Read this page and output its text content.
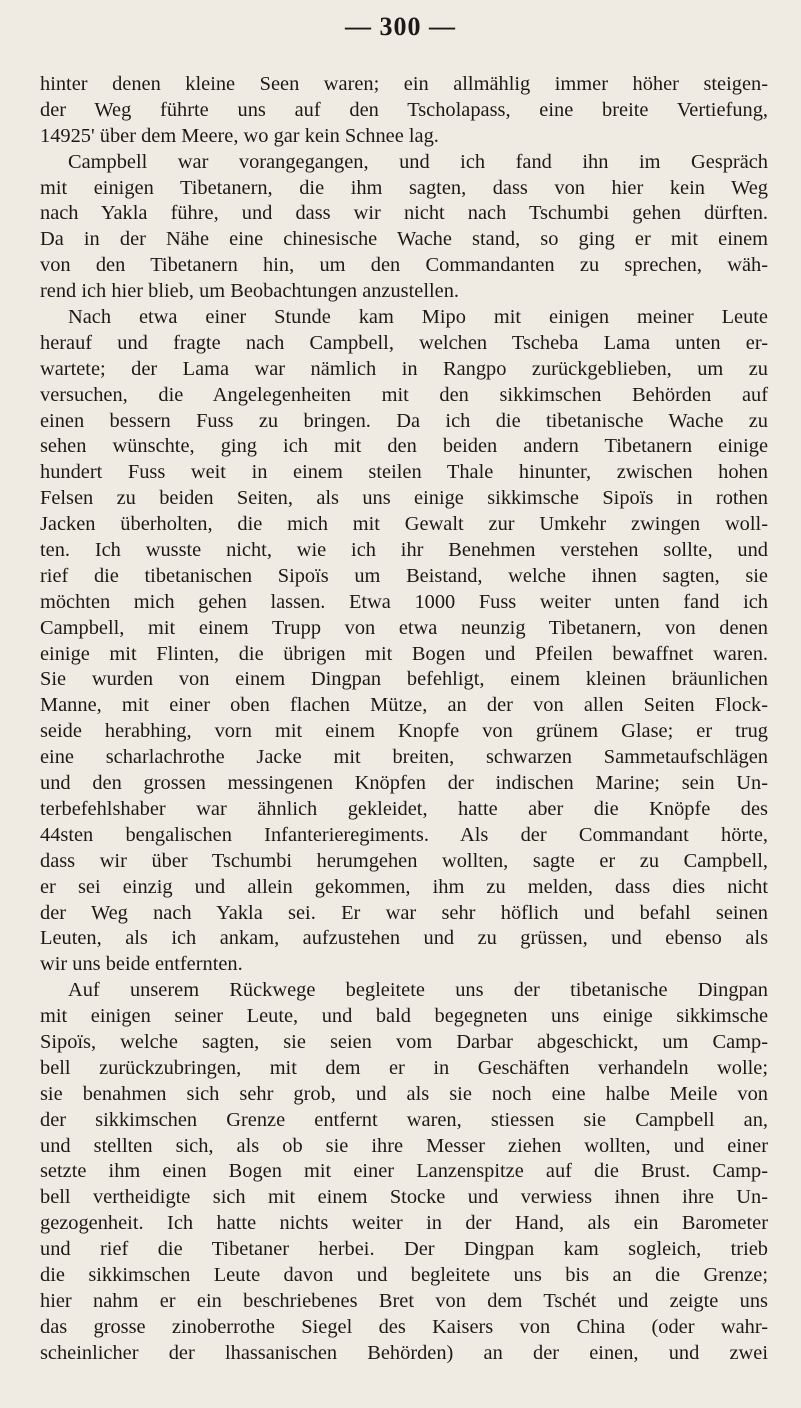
— 300 —
hinter denen kleine Seen waren; ein allmählig immer höher steigen-
der Weg führte uns auf den Tscholapass, eine breite Vertiefung,
14925' über dem Meere, wo gar kein Schnee lag.
Campbell war vorangegangen, und ich fand ihn im Gespräch
mit einigen Tibetanern, die ihm sagten, dass von hier kein Weg
nach Yakla führe, und dass wir nicht nach Tschumbi gehen dürften.
Da in der Nähe eine chinesische Wache stand, so ging er mit einem
von den Tibetanern hin, um den Commandanten zu sprechen, wäh-
rend ich hier blieb, um Beobachtungen anzustellen.
Nach etwa einer Stunde kam Mipo mit einigen meiner Leute
herauf und fragte nach Campbell, welchen Tscheba Lama unten er-
wartete; der Lama war nämlich in Rangpo zurückgeblieben, um zu
versuchen, die Angelegenheiten mit den sikkimschen Behörden auf
einen bessern Fuss zu bringen. Da ich die tibetanische Wache zu
sehen wünschte, ging ich mit den beiden andern Tibetanern einige
hundert Fuss weit in einem steilen Thale hinunter, zwischen hohen
Felsen zu beiden Seiten, als uns einige sikkimsche Sipoïs in rothen
Jacken überholten, die mich mit Gewalt zur Umkehr zwingen woll-
ten. Ich wusste nicht, wie ich ihr Benehmen verstehen sollte, und
rief die tibetanischen Sipoïs um Beistand, welche ihnen sagten, sie
möchten mich gehen lassen. Etwa 1000 Fuss weiter unten fand ich
Campbell, mit einem Trupp von etwa neunzig Tibetanern, von denen
einige mit Flinten, die übrigen mit Bogen und Pfeilen bewaffnet waren.
Sie wurden von einem Dingpan befehligt, einem kleinen bräunlichen
Manne, mit einer oben flachen Mütze, an der von allen Seiten Flock-
seide herabhing, vorn mit einem Knopfe von grünem Glase; er trug
eine scharlachrothe Jacke mit breiten, schwarzen Sammetaufschlägen
und den grossen messingenen Knöpfen der indischen Marine; sein Un-
terbefehlshaber war ähnlich gekleidet, hatte aber die Knöpfe des
44sten bengalischen Infanterieregiments. Als der Commandant hörte,
dass wir über Tschumbi herumgehen wollten, sagte er zu Campbell,
er sei einzig und allein gekommen, ihm zu melden, dass dies nicht
der Weg nach Yakla sei. Er war sehr höflich und befahl seinen
Leuten, als ich ankam, aufzustehen und zu grüssen, und ebenso als
wir uns beide entfernten.
Auf unserem Rückwege begleitete uns der tibetanische Dingpan
mit einigen seiner Leute, und bald begegneten uns einige sikkimsche
Sipoïs, welche sagten, sie seien vom Darbar abgeschickt, um Camp-
bell zurückzubringen, mit dem er in Geschäften verhandeln wolle;
sie benahmen sich sehr grob, und als sie noch eine halbe Meile von
der sikkimschen Grenze entfernt waren, stiessen sie Campbell an,
und stellten sich, als ob sie ihre Messer ziehen wollten, und einer
setzte ihm einen Bogen mit einer Lanzenspitze auf die Brust. Camp-
bell vertheidigte sich mit einem Stocke und verwiess ihnen ihre Un-
gezogenheit. Ich hatte nichts weiter in der Hand, als ein Barometer
und rief die Tibetaner herbei. Der Dingpan kam sogleich, trieb
die sikkimschen Leute davon und begleitete uns bis an die Grenze;
hier nahm er ein beschriebenes Bret von dem Tschét und zeigte uns
das grosse zinoberrothe Siegel des Kaisers von China (oder wahr-
scheinlicher der lhassanischen Behörden) an der einen, und zwei
